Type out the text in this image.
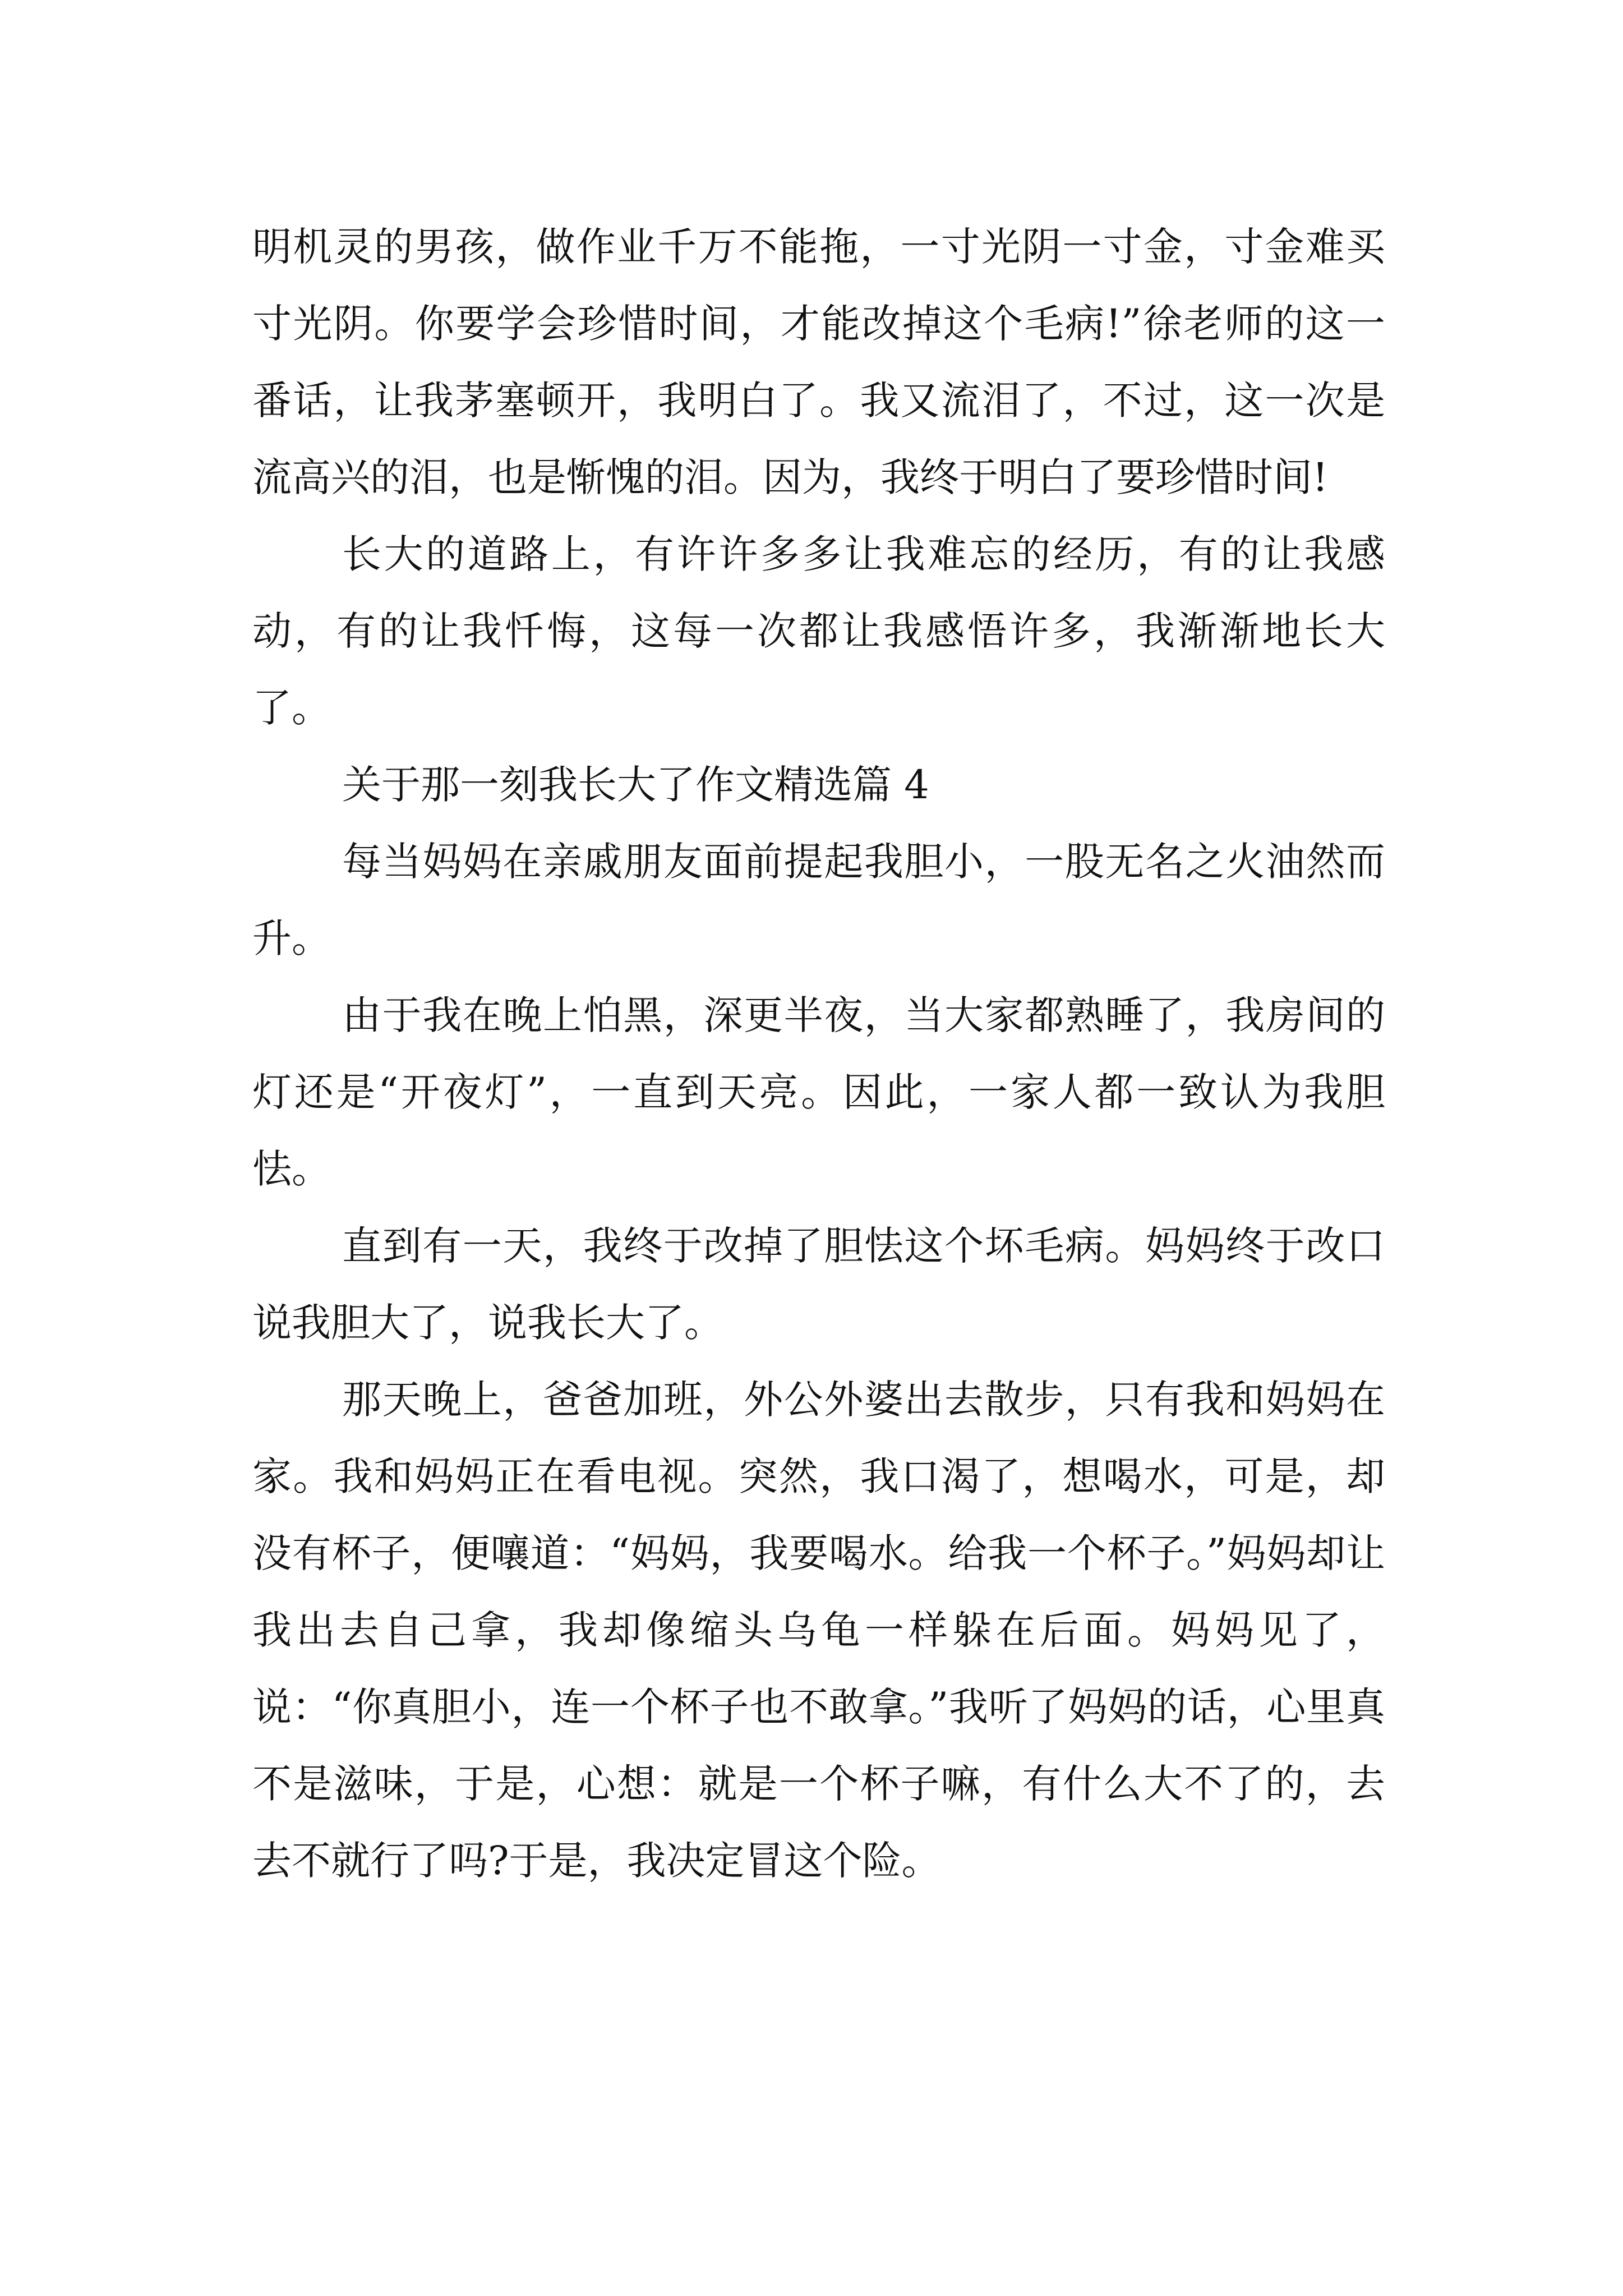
明机灵的男孩，做作业千万不能拖，一寸光阴一寸金，寸金难买寸光阴。你要学会珍惜时间，才能改掉这个毛病!”徐老师的这一番话，让我茅塞顿开，我明白了。我又流泪了，不过，这一次是流高兴的泪，也是惭愧的泪。因为，我终于明白了要珍惜时间!

长大的道路上，有许许多多让我难忘的经历，有的让我感动，有的让我忏悔，这每一次都让我感悟许多，我渐渐地长大了。

关于那一刻我长大了作文精选篇 4

每当妈妈在亲戚朋友面前提起我胆小，一股无名之火油然而升。

由于我在晚上怕黑，深更半夜，当大家都熟睡了，我房间的灯还是“开夜灯”，一直到天亮。因此，一家人都一致认为我胆怯。

直到有一天，我终于改掉了胆怯这个坏毛病。妈妈终于改口说我胆大了，说我长大了。

那天晚上，爸爸加班，外公外婆出去散步，只有我和妈妈在家。我和妈妈正在看电视。突然，我口渴了，想喝水，可是，却没有杯子，便嚷道：“妈妈，我要喝水。给我一个杯子。”妈妈却让我出去自己拿，我却像缩头乌龟一样躲在后面。妈妈见了，说：“你真胆小，连一个杯子也不敢拿。”我听了妈妈的话，心里真不是滋味，于是，心想：就是一个杯子嘛，有什么大不了的，去去不就行了吗?于是，我决定冒这个险。
